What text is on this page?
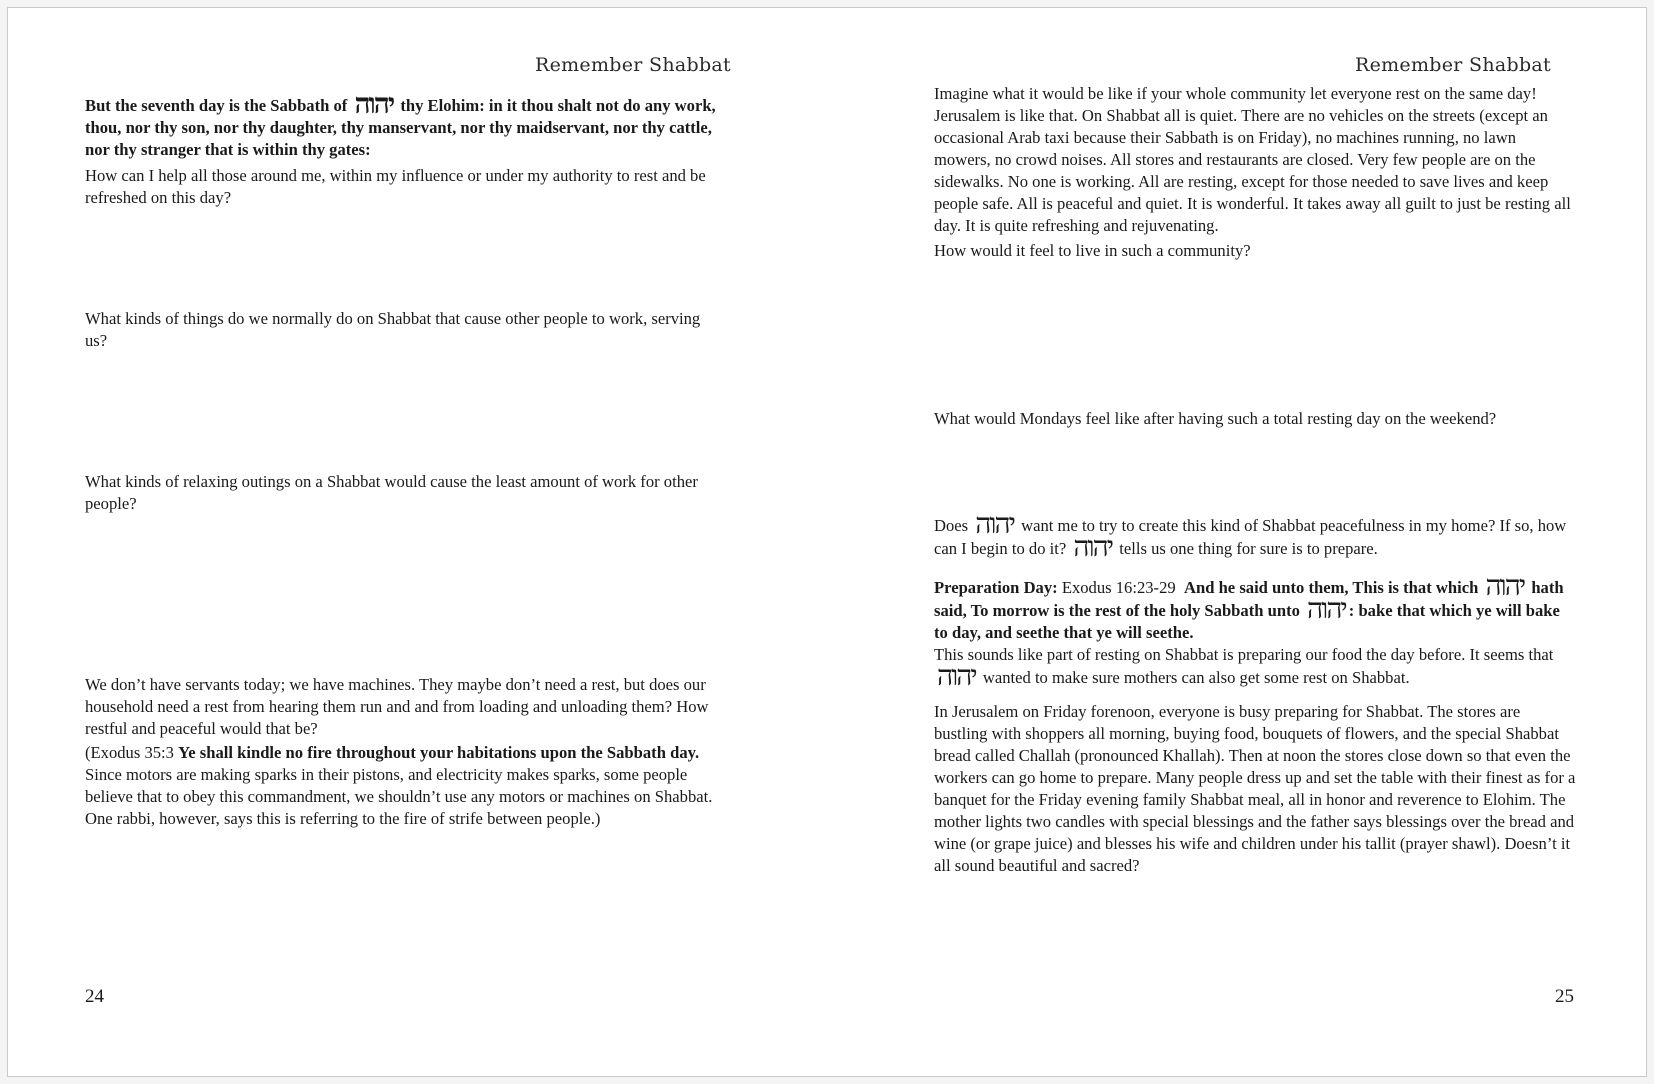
Remember Shabbat

But the seventh day is the Sabbath of יהוה thy Elohim: in it thou shalt not do any work, thou, nor thy son, nor thy daughter, thy manservant, nor thy maidservant, nor thy cattle, nor thy stranger that is within thy gates:

How can I help all those around me, within my influence or under my authority to rest and be refreshed on this day?

What kinds of things do we normally do on Shabbat that cause other people to work, serving us?

What kinds of relaxing outings on a Shabbat would cause the least amount of work for other people?

We don’t have servants today; we have machines. They maybe don’t need a rest, but does our household need a rest from hearing them run and and from loading and unloading them? How restful and peaceful would that be?

(Exodus 35:3 Ye shall kindle no fire throughout your habitations upon the Sabbath day. Since motors are making sparks in their pistons, and electricity makes sparks, some people believe that to obey this commandment, we shouldn’t use any motors or machines on Shabbat. One rabbi, however, says this is referring to the fire of strife between people.)

24
Remember Shabbat

Imagine what it would be like if your whole community let everyone rest on the same day! Jerusalem is like that. On Shabbat all is quiet. There are no vehicles on the streets (except an occasional Arab taxi because their Sabbath is on Friday), no machines running, no lawn mowers, no crowd noises. All stores and restaurants are closed. Very few people are on the sidewalks. No one is working. All are resting, except for those needed to save lives and keep people safe. All is peaceful and quiet. It is wonderful. It takes away all guilt to just be resting all day. It is quite refreshing and rejuvenating.

How would it feel to live in such a community?

What would Mondays feel like after having such a total resting day on the weekend?

Does יהוה want me to try to create this kind of Shabbat peacefulness in my home? If so, how can I begin to do it? יהוה tells us one thing for sure is to prepare.

Preparation Day: Exodus 16:23-29 And he said unto them, This is that which יהוה hath said, To morrow is the rest of the holy Sabbath unto יהוה : bake that which ye will bake to day, and seethe that ye will seethe.

This sounds like part of resting on Shabbat is preparing our food the day before. It seems that יהוה wanted to make sure mothers can also get some rest on Shabbat.

In Jerusalem on Friday forenoon, everyone is busy preparing for Shabbat. The stores are bustling with shoppers all morning, buying food, bouquets of flowers, and the special Shabbat bread called Challah (pronounced Khallah). Then at noon the stores close down so that even the workers can go home to prepare. Many people dress up and set the table with their finest as for a banquet for the Friday evening family Shabbat meal, all in honor and reverence to Elohim. The mother lights two candles with special blessings and the father says blessings over the bread and wine (or grape juice) and blesses his wife and children under his tallit (prayer shawl). Doesn’t it all sound beautiful and sacred?

25
